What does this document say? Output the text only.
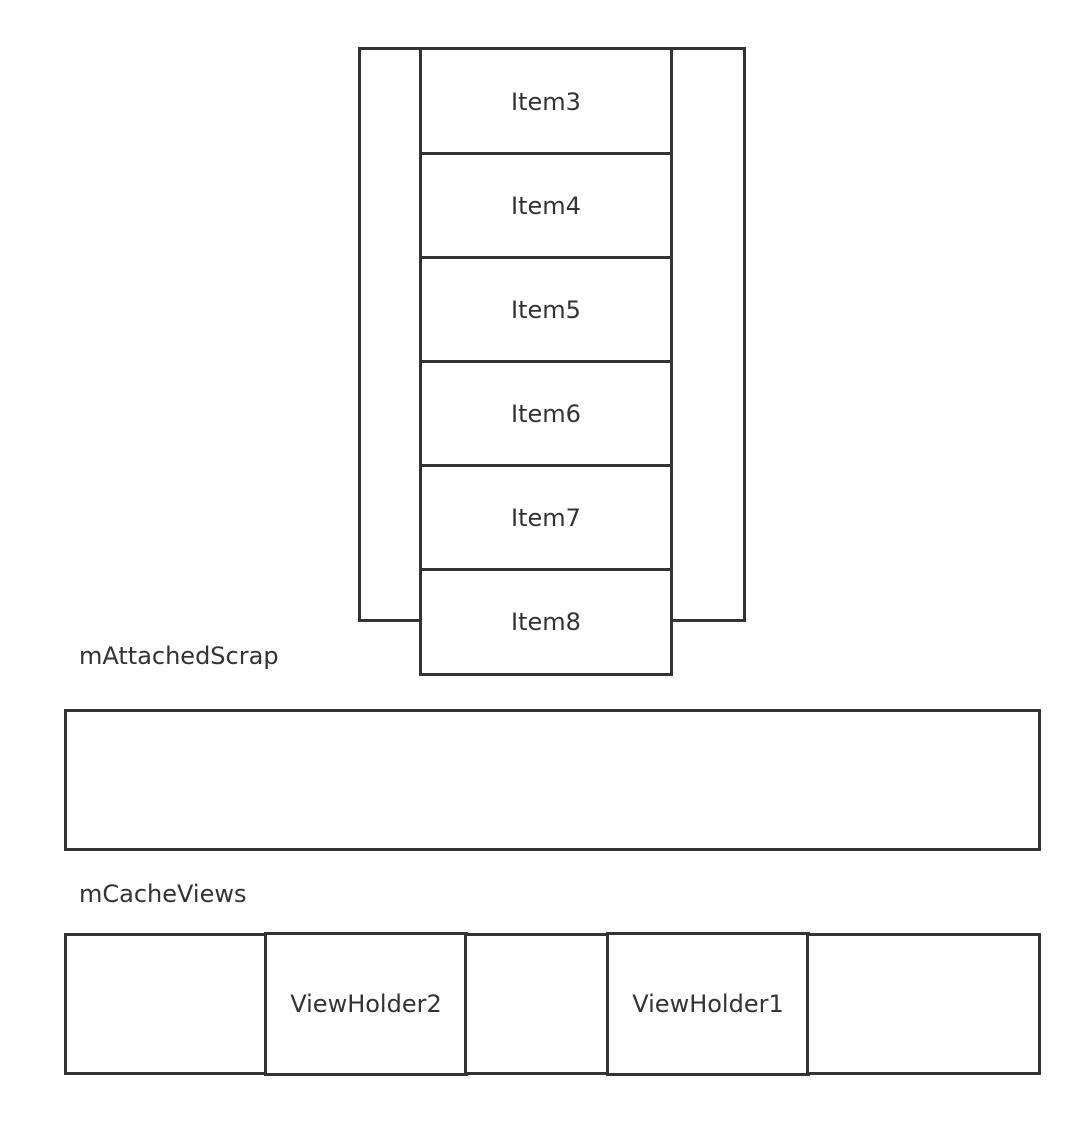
Item3
Item4
Item5
Item6
Item7
Item8
mAttachedScrap
mCacheViews
ViewHolder2	ViewHolder1
